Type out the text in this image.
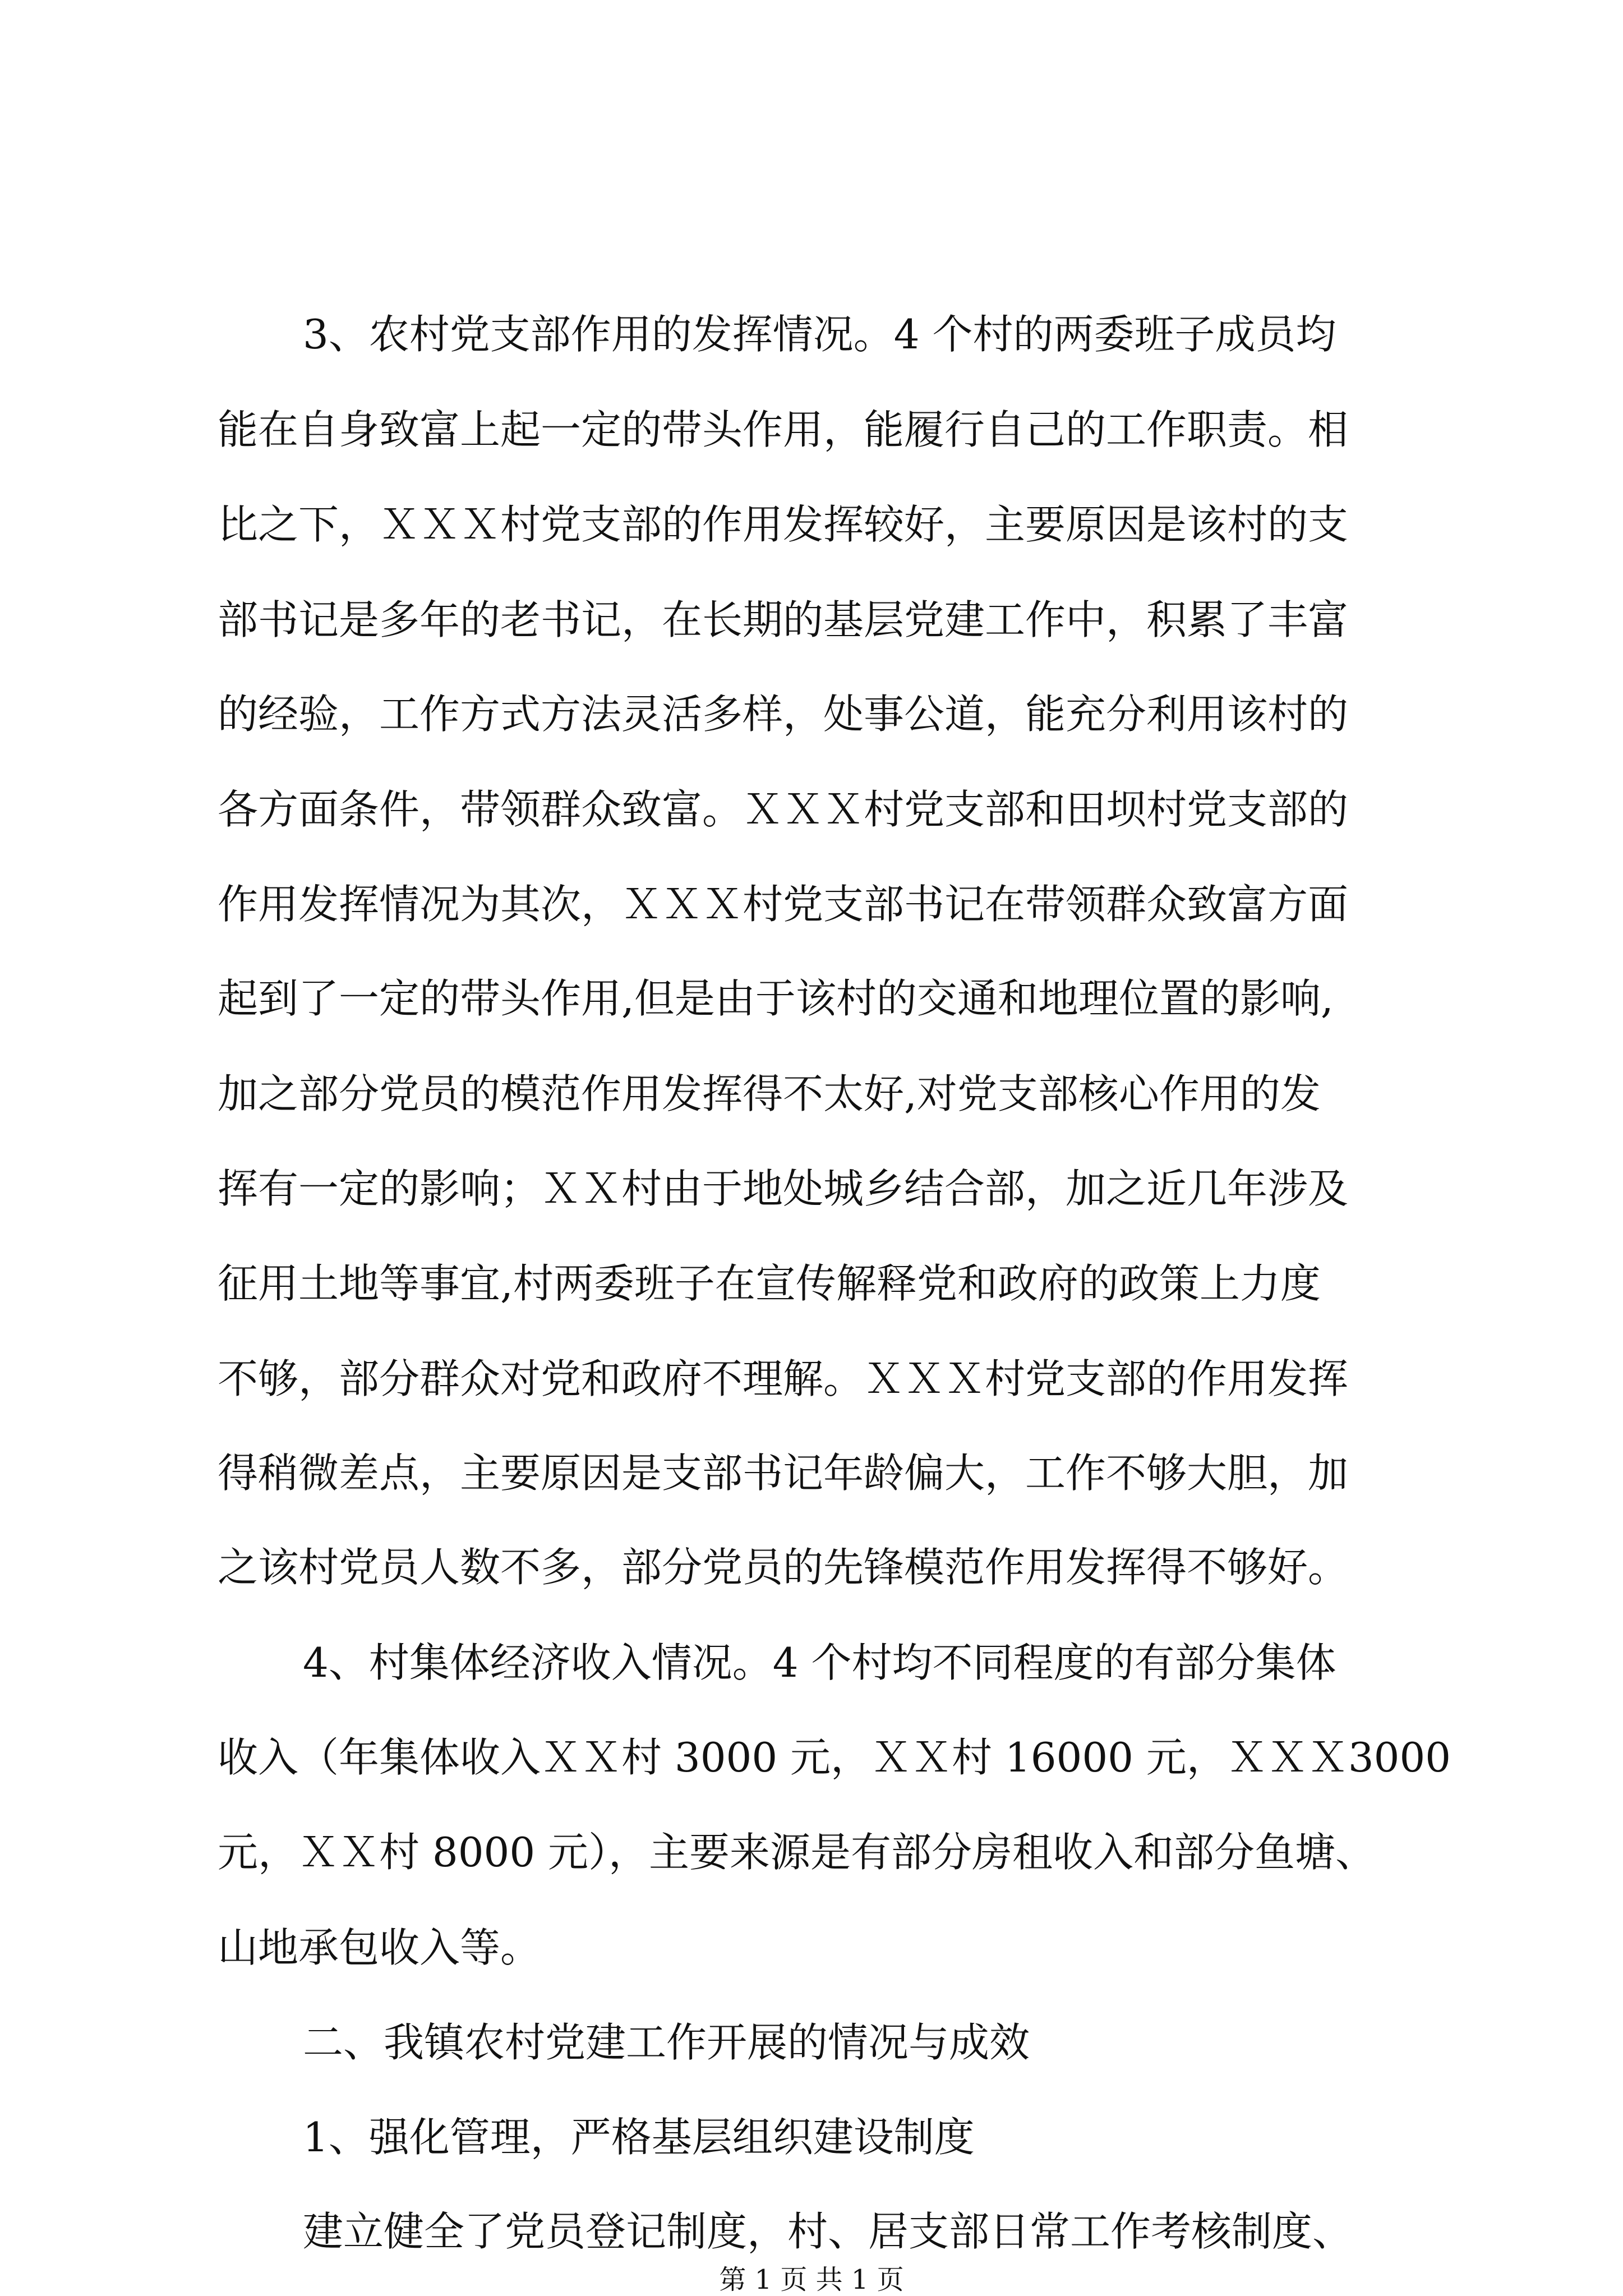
3、农村党支部作用的发挥情况。4 个村的两委班子成员均
能在自身致富上起一定的带头作用，能履行自己的工作职责。相
比之下，ＸＸＸ村党支部的作用发挥较好，主要原因是该村的支
部书记是多年的老书记，在长期的基层党建工作中，积累了丰富
的经验，工作方式方法灵活多样，处事公道，能充分利用该村的
各方面条件，带领群众致富。ＸＸＸ村党支部和田坝村党支部的
作用发挥情况为其次，ＸＸＸ村党支部书记在带领群众致富方面
起到了一定的带头作用,但是由于该村的交通和地理位置的影响,
加之部分党员的模范作用发挥得不太好,对党支部核心作用的发
挥有一定的影响；ＸＸ村由于地处城乡结合部，加之近几年涉及
征用土地等事宜,村两委班子在宣传解释党和政府的政策上力度
不够，部分群众对党和政府不理解。ＸＸＸ村党支部的作用发挥
得稍微差点，主要原因是支部书记年龄偏大，工作不够大胆，加
之该村党员人数不多，部分党员的先锋模范作用发挥得不够好。
4、村集体经济收入情况。4 个村均不同程度的有部分集体
收入（年集体收入ＸＸ村 3000 元，ＸＸ村 16000 元，ＸＸＸ3000
元，ＸＸ村 8000 元），主要来源是有部分房租收入和部分鱼塘、
山地承包收入等。
二、我镇农村党建工作开展的情况与成效
1、强化管理，严格基层组织建设制度
建立健全了党员登记制度，村、居支部日常工作考核制度、
第 1 页 共 1 页
